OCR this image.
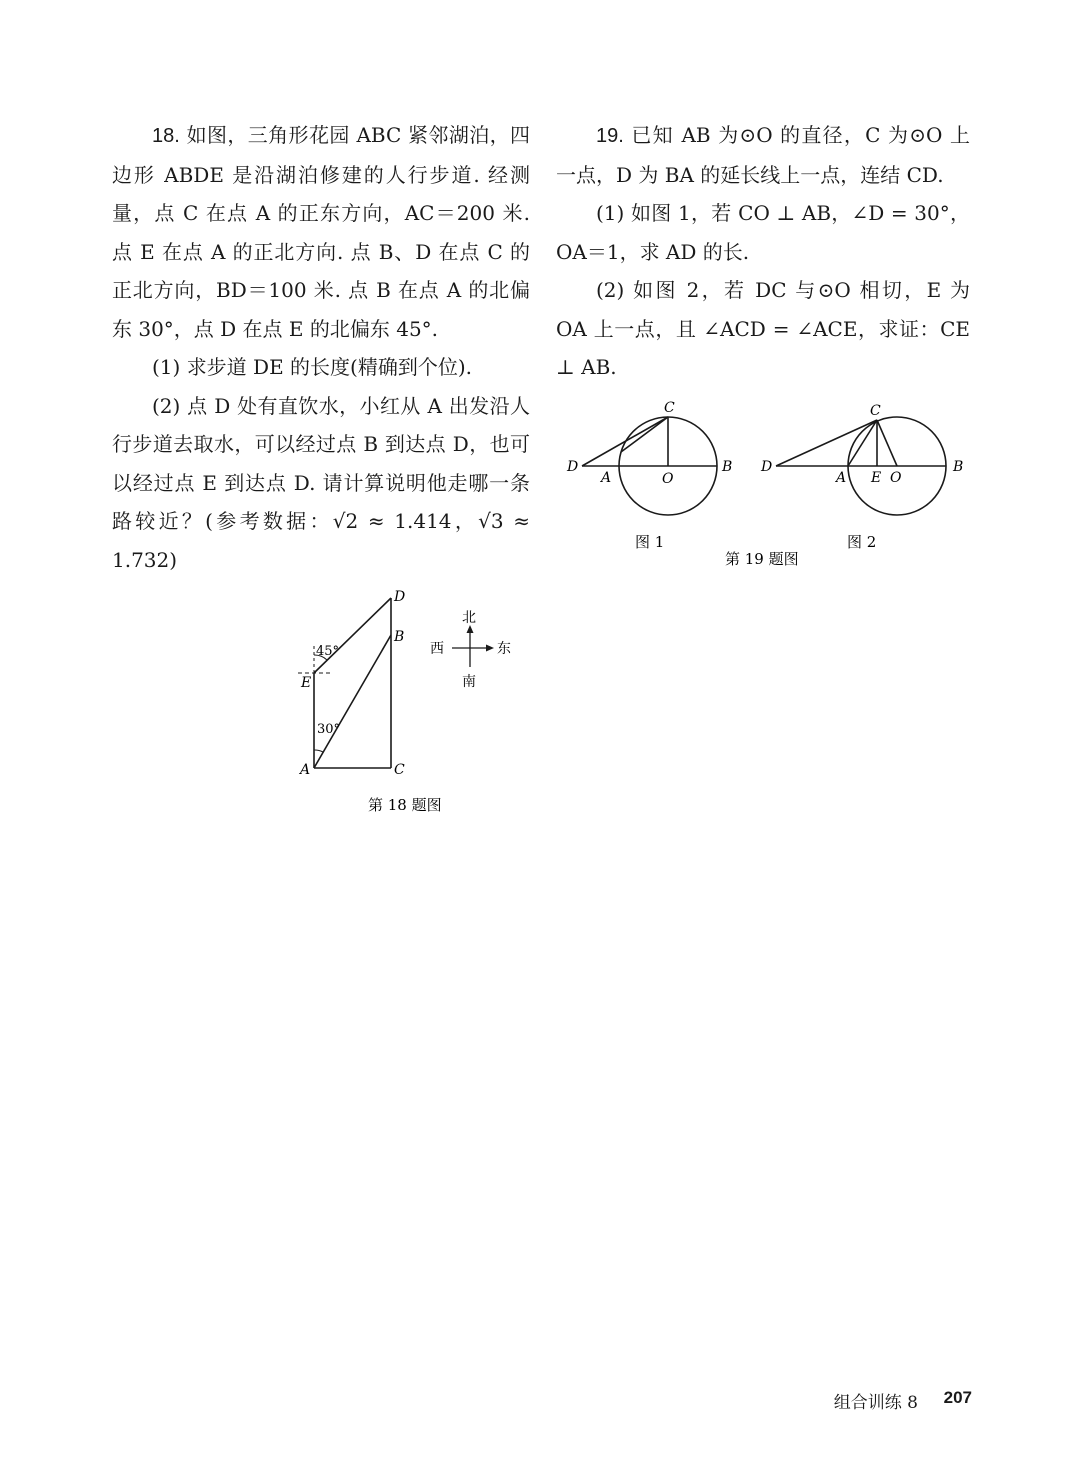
18. 如图，三角形花园 ABC 紧邻湖泊，四边形 ABDE 是沿湖泊修建的人行步道. 经测量，点 C 在点 A 的正东方向，AC＝200 米. 点 E 在点 A 的正北方向. 点 B、D 在点 C 的正北方向，BD＝100 米. 点 B 在点 A 的北偏东 30°，点 D 在点 E 的北偏东 45°.

(1) 求步道 DE 的长度(精确到个位).

(2) 点 D 处有直饮水，小红从 A 出发沿人行步道去取水，可以经过点 B 到达点 D，也可以经过点 E 到达点 D. 请计算说明他走哪一条路较近？(参考数据：√2 ≈ 1.414，√3 ≈ 1.732)

19. 已知 AB 为⊙O 的直径，C 为⊙O 上一点，D 为 BA 的延长线上一点，连结 CD.

(1) 如图 1，若 CO ⊥ AB，∠D = 30°，OA＝1，求 AD 的长.

(2) 如图 2，若 DC 与⊙O 相切，E 为 OA 上一点，且 ∠ACD = ∠ACE，求证：CE ⊥ AB.

C
D
A	O
B
图 1
C
D
A E O
B
图 2
第 19 题图
D
B
C
A
E
45°
30°
北
南
西	东
第 18 题图
组合训练 8 207
